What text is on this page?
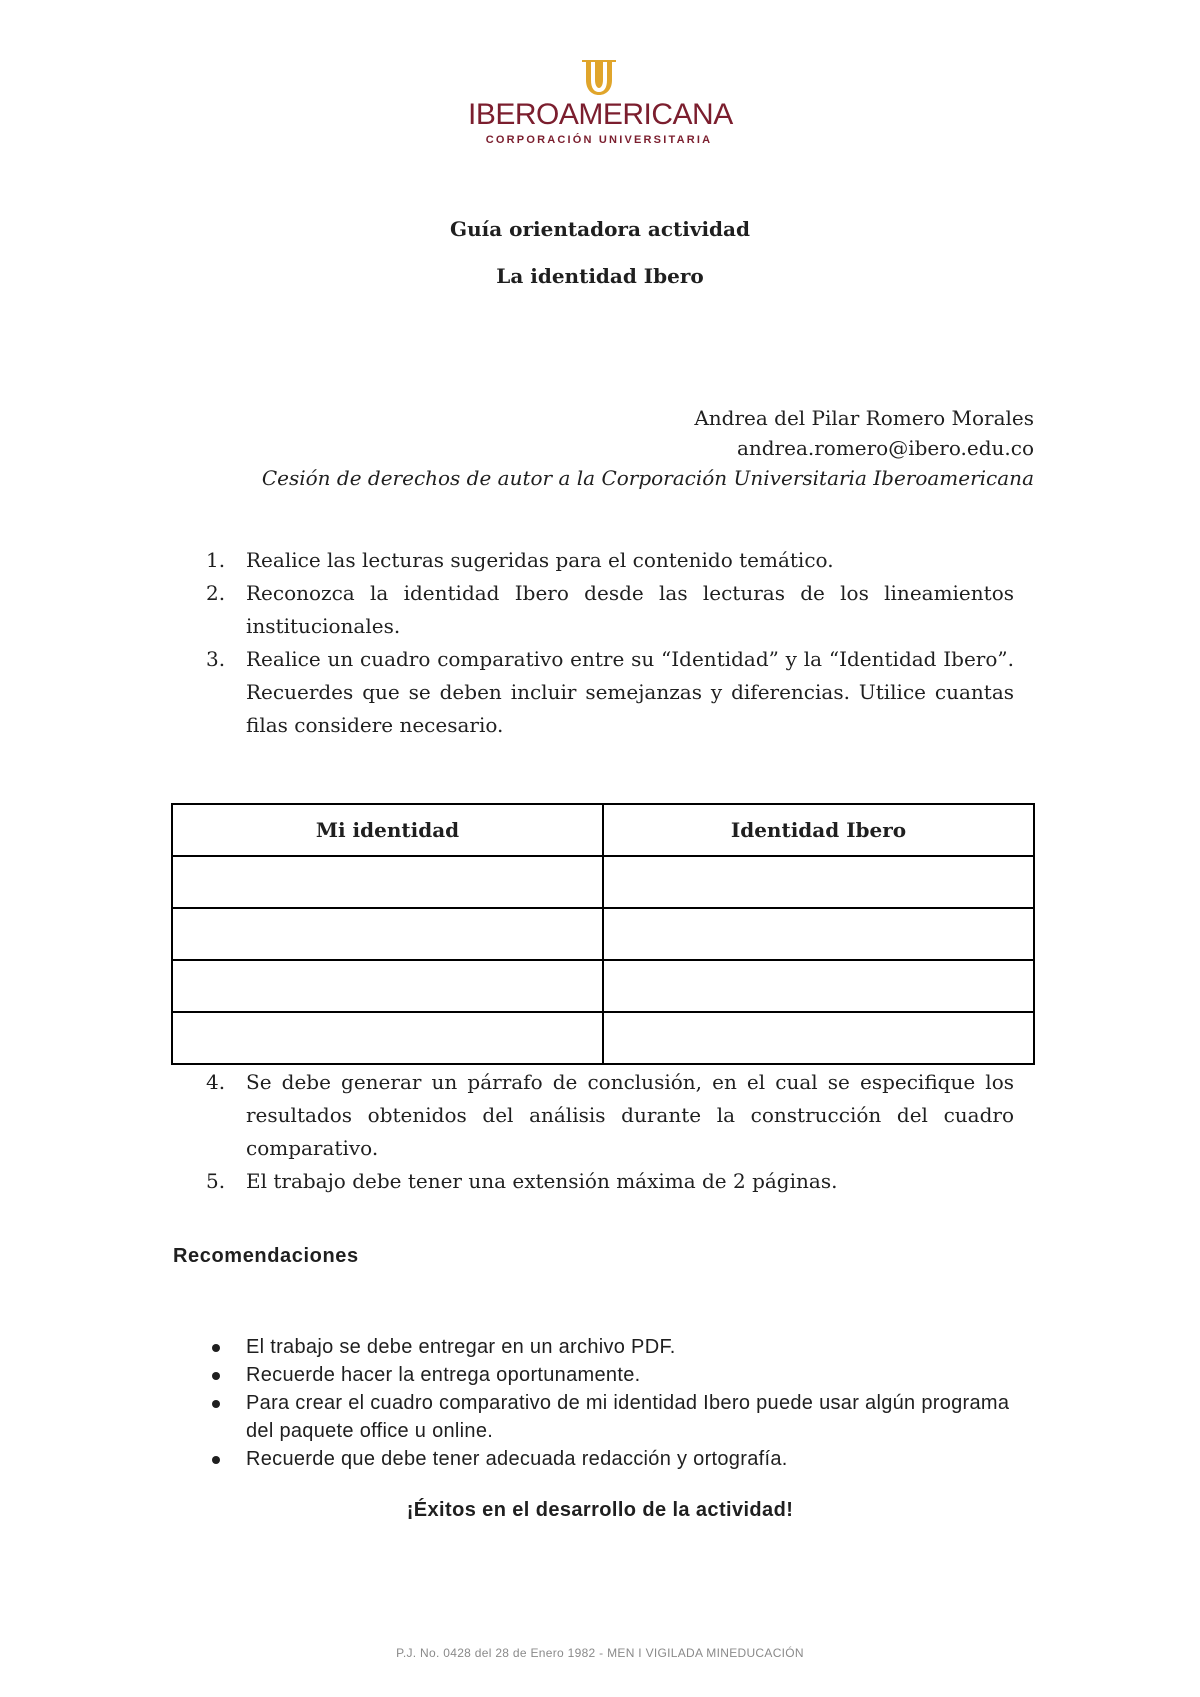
IBEROAMERICANA
CORPORACIÓN UNIVERSITARIA
Guía orientadora actividad
La identidad Ibero
Andrea del Pilar Romero Morales
andrea.romero@ibero.edu.co
Cesión de derechos de autor a la Corporación Universitaria Iberoamericana
1. Realice las lecturas sugeridas para el contenido temático.
2. Reconozca la identidad Ibero desde las lecturas de los lineamientos institucionales.
3. Realice un cuadro comparativo entre su “Identidad” y la “Identidad Ibero”. Recuerdes que se deben incluir semejanzas y diferencias. Utilice cuantas filas considere necesario.
Mi identidad	Identidad Ibero

4. Se debe generar un párrafo de conclusión, en el cual se especifique los resultados obtenidos del análisis durante la construcción del cuadro comparativo.
5. El trabajo debe tener una extensión máxima de 2 páginas.
Recomendaciones
El trabajo se debe entregar en un archivo PDF.
Recuerde hacer la entrega oportunamente.
Para crear el cuadro comparativo de mi identidad Ibero puede usar algún programa del paquete office u online.
Recuerde que debe tener adecuada redacción y ortografía.
¡Éxitos en el desarrollo de la actividad!
P.J. No. 0428 del 28 de Enero 1982 - MEN I VIGILADA MINEDUCACIÓN
